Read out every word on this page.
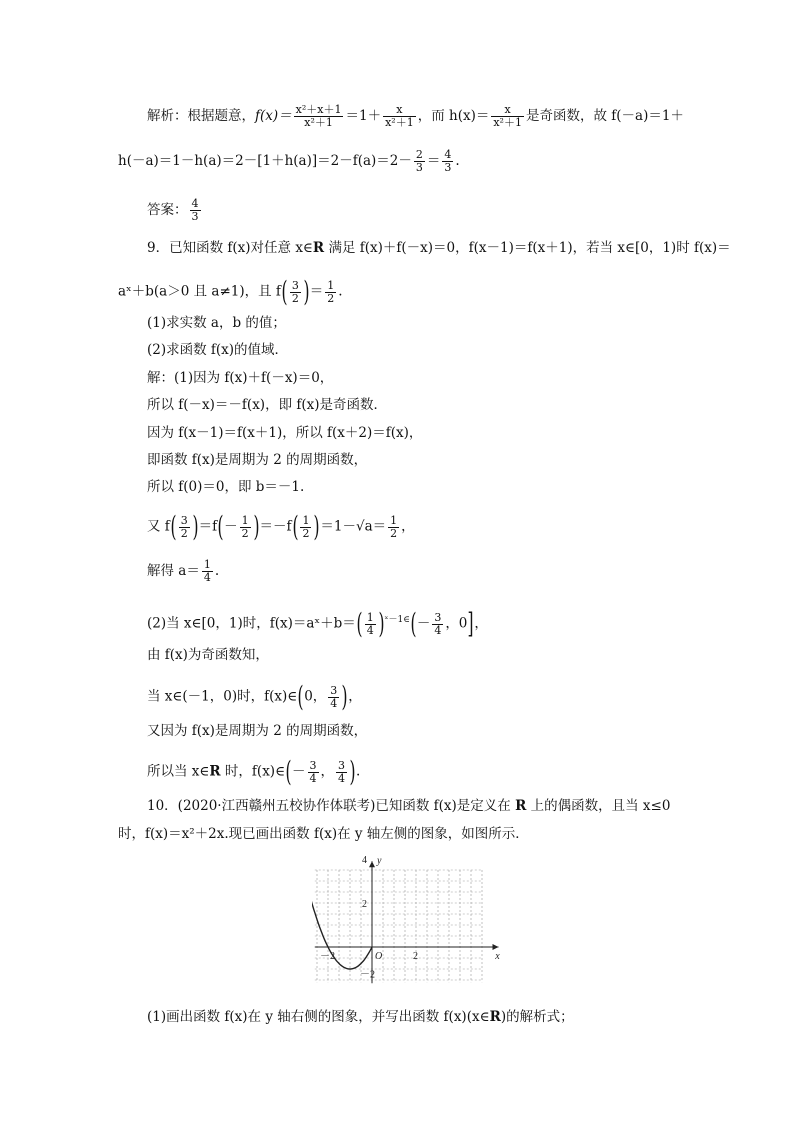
解析：根据题意，$f(x)= \frac{\text{x²＋x＋1}}{\text{x²＋1}} =1+ \frac{x}{\text{x²＋1}}$ ，而 $h(x)= \frac{x}{\text{x²＋1}}$ 是奇函数，故 f(－a)＝1＋
$h(-a)=1-h(a)=2-[1+h(a)]=2-f(a)=2- \frac{2}{3} = \frac{4}{3}$ .
答案： $\frac{4}{3}$
9．已知函数 f(x)对任意 x∈R 满足 f(x)＋f(－x)＝0，f(x－1)＝f(x＋1)，若当 x∈[0，1)时 f(x)＝
aˣ＋b(a＞0 且 a≠1)，且 $f( \frac{3}{2}$ )＝ $\frac{1}{2}$ .
(1)求实数 a，b 的值；
(2)求函数 f(x)的值域．
解：(1)因为 f(x)＋f(－x)＝0，
所以 f(－x)＝－f(x)，即 f(x)是奇函数．
因为 f(x－1)＝f(x＋1)，所以 f(x＋2)＝f(x)，
即函数 f(x)是周期为 2 的周期函数，
所以 f(0)＝0，即 b＝－1.
又 $f( \frac{3}{2} )=f(- \frac{1}{2} )=-f( \frac{1}{2} )=1-√a= \frac{1}{2}$ ，
解得 $a= \frac{1}{4}$ .
(2)当 x∈[0，1)时，f(x)＝aˣ＋b＝( $\frac{1}{4} )^{ˣ-1\in}(- \frac{3}{4}$ ，0]，
由 f(x)为奇函数知，
当 x∈(－1，0)时，f(x)∈(0， $\frac{3}{4}$ )，
又因为 f(x)是周期为 2 的周期函数，
所以当 x∈R 时，f(x)∈(－ $\frac{3}{4}$ ， $\frac{3}{4}$ ).
10．(2020·江西赣州五校协作体联考)已知函数 f(x)是定义在 R 上的偶函数，且当 x≤0
时，f(x)＝x²＋2x.现已画出函数 f(x)在 y 轴左侧的图象，如图所示．
－2	2
4
2
－2
O	x
y
(1)画出函数 f(x)在 y 轴右侧的图象，并写出函数 f(x)(x∈R)的解析式；
